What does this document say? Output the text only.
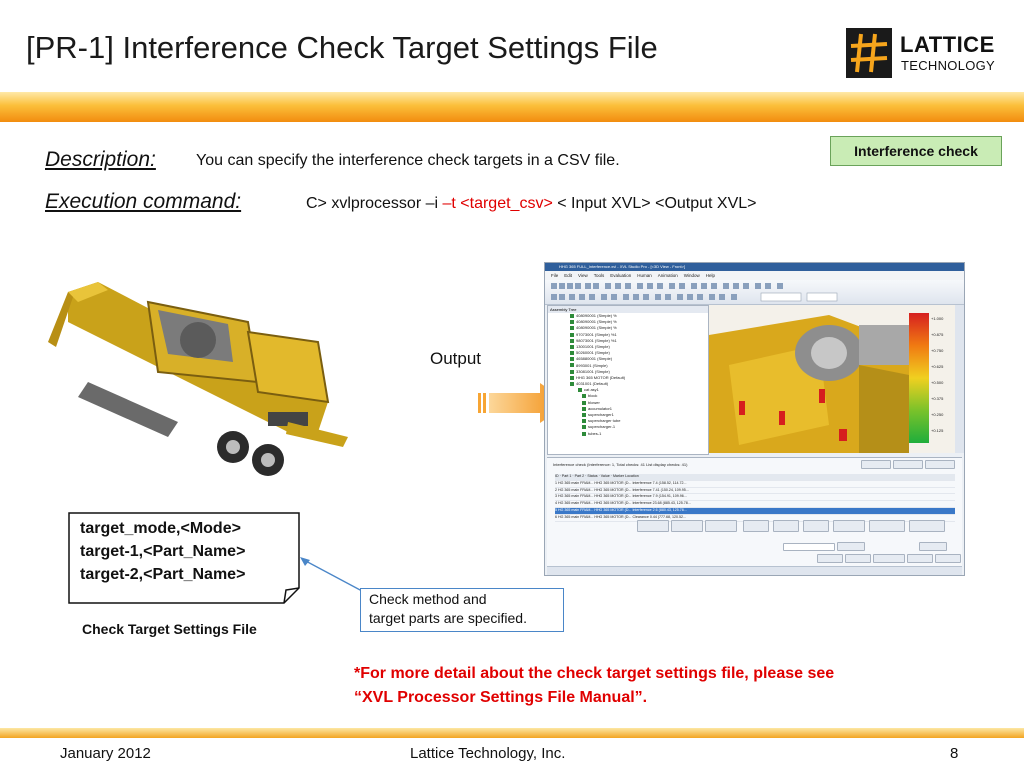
[PR-1] Interference Check Target Settings File	LATTICE
TECHNOLOGY
Interference check
Description:	You can specify the interference check targets in a CSV file.
Execution command:	C> xvlprocessor –i –t <target_csv> < Input XVL> <Output XVL>
Output
HHG 365 FULL_Interference.xvl - XVL Studio Pro - [<3D View - Front>]
File Edit View Tools Evaluation Human Animation Window Help
Assembly Tree
408090001 (Simple) %
408090001 (Simple) %
408090001 (Simple) %
97073001 (Simple) %1
98073001 (Simple) %1
13001001 (Simple)
50260001 (Simple)
465880001 (Simple)
8993001 (Simple)
33081001 (Simple)
HHG 365 MOTOR (Default)
4031001 (Default)
cat asy1
block
blower
accumulator1
supercharger1
supercharger tube
supercharger-1
tubes-1
+1.000
+0.875
+0.750
+0.625
+0.500
+0.375
+0.250
+0.125
Interference check (Interference: 1, Total checks: 41 List display checks: 41)
ID · Part 1 · Part 2 · Status · Value · Marker Location
1 HG 365 main FRAM... HHG 365 MOTOR (D... Interference 7.4 (158.52, 114.72...
2 HG 365 main FRAM... HHG 365 MOTOR (D... Interference 7.41 (150.24, 109.95...
3 HG 365 main FRAM... HHG 365 MOTOR (D... Interference 7.9 (154.91, 109.96...
4 HG 365 main FRAM... HHG 365 MOTOR (D... Interference 23.68 (885.43, 125.78...
5 HG 365 main FRAM... HHG 365 MOTOR (D... Interference 2.6 (880.43, 125.78...
6 HG 365 main FRAM... HHG 365 MOTOR (D... Clearance 0.44 (777.68, 120.52...
target_mode,<Mode>
target-1,<Part_Name>
target-2,<Part_Name>
Check Target Settings File
Check method and
target parts are specified.
*For more detail about the check target settings file, please see
“XVL Processor Settings File Manual”.
January 2012	Lattice Technology, Inc.	8
